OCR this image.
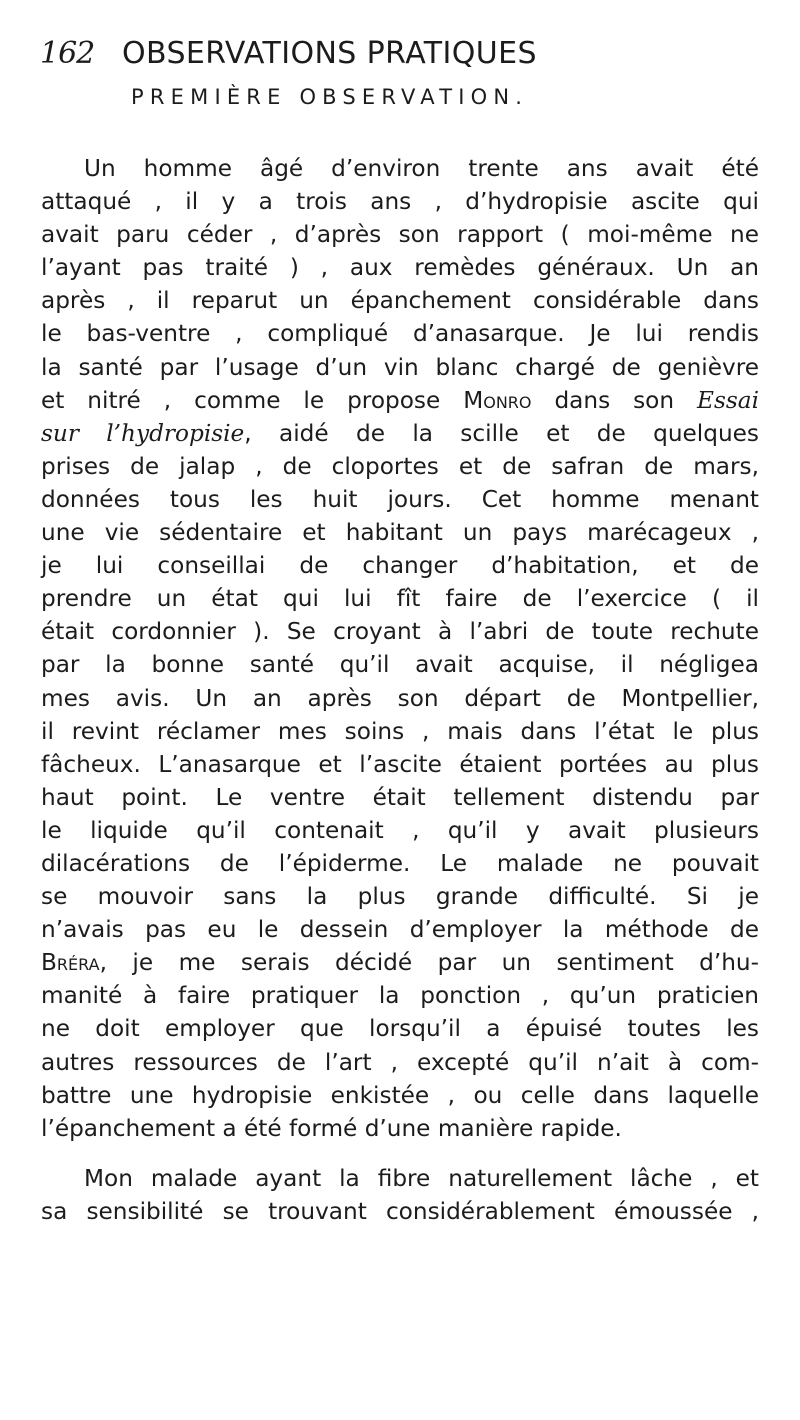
162 OBSERVATIONS PRATIQUES
PREMIÈRE OBSERVATION.
Un homme âgé d’environ trente ans avait été
attaqué , il y a trois ans , d’hydropisie ascite qui
avait paru céder , d’après son rapport ( moi-même ne
l’ayant pas traité ) , aux remèdes généraux. Un an
après , il reparut un épanchement considérable dans
le bas-ventre , compliqué d’anasarque. Je lui rendis
la santé par l’usage d’un vin blanc chargé de genièvre
et nitré , comme le propose Monro dans son Essai
sur l’hydropisie, aidé de la scille et de quelques
prises de jalap , de cloportes et de safran de mars,
données tous les huit jours. Cet homme menant
une vie sédentaire et habitant un pays marécageux ,
je lui conseillai de changer d’habitation, et de
prendre un état qui lui fît faire de l’exercice ( il
était cordonnier ). Se croyant à l’abri de toute rechute
par la bonne santé qu’il avait acquise, il négligea
mes avis. Un an après son départ de Montpellier,
il revint réclamer mes soins , mais dans l’état le plus
fâcheux. L’anasarque et l’ascite étaient portées au plus
haut point. Le ventre était tellement distendu par
le liquide qu’il contenait , qu’il y avait plusieurs
dilacérations de l’épiderme. Le malade ne pouvait
se mouvoir sans la plus grande difficulté. Si je
n’avais pas eu le dessein d’employer la méthode de
Bréra, je me serais décidé par un sentiment d’hu-
manité à faire pratiquer la ponction , qu’un praticien
ne doit employer que lorsqu’il a épuisé toutes les
autres ressources de l’art , excepté qu’il n’ait à com-
battre une hydropisie enkistée , ou celle dans laquelle
l’épanchement a été formé d’une manière rapide.
Mon malade ayant la fibre naturellement lâche , et
sa sensibilité se trouvant considérablement émoussée ,
